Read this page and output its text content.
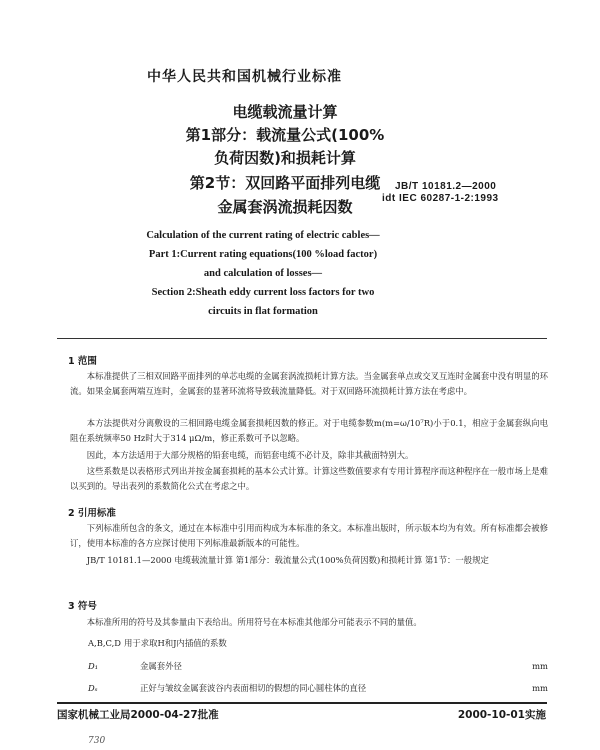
中华人民共和国机械行业标准
电缆载流量计算
第1部分：载流量公式(100%
负荷因数)和损耗计算
第2节：双回路平面排列电缆
金属套涡流损耗因数
JB/T 10181.2—2000
idt IEC 60287-1-2:1993
Calculation of the current rating of electric cables—
Part 1:Current rating equations(100 %load factor)
and calculation of losses—
Section 2:Sheath eddy current loss factors for two
circuits in flat formation
1 范围
本标准提供了三相双回路平面排列的单芯电缆的金属套涡流损耗计算方法。当金属套单点或交叉互连时金属套中没有明显的环流。如果金属套两端互连时，金属套的显著环流将导致载流量降低。对于双回路环流损耗计算方法在考虑中。
本方法提供对分离敷设的三相回路电缆金属套损耗因数的修正。对于电缆参数m(m=ω/10⁷R)小于0.1，相应于金属套纵向电阻在系统频率50 Hz时大于314 μΩ/m，修正系数可予以忽略。
因此，本方法适用于大部分规格的铅套电缆，而铝套电缆不必计及，除非其截面特别大。
这些系数是以表格形式列出并按金属套损耗的基本公式计算。计算这些数值要求有专用计算程序而这种程序在一般市场上是难以买到的。导出表列的系数简化公式在考虑之中。
2 引用标准
下列标准所包含的条文，通过在本标准中引用而构成为本标准的条文。本标准出版时，所示版本均为有效。所有标准都会被修订，使用本标准的各方应探讨使用下列标准最新版本的可能性。
JB/T 10181.1—2000 电缆载流量计算 第1部分：载流量公式(100%负荷因数)和损耗计算 第1节：一般规定
3 符号
本标准所用的符号及其参量由下表给出。所用符号在本标准其他部分可能表示不同的量值。
A,B,C,D 用于求取H和J内插值的系数
D₁	金属套外径	mm
Dₛ	正好与皱纹金属套波谷内表面相切的假想的同心圆柱体的直径	mm
国家机械工业局2000-04-27批准	2000-10-01实施
730
